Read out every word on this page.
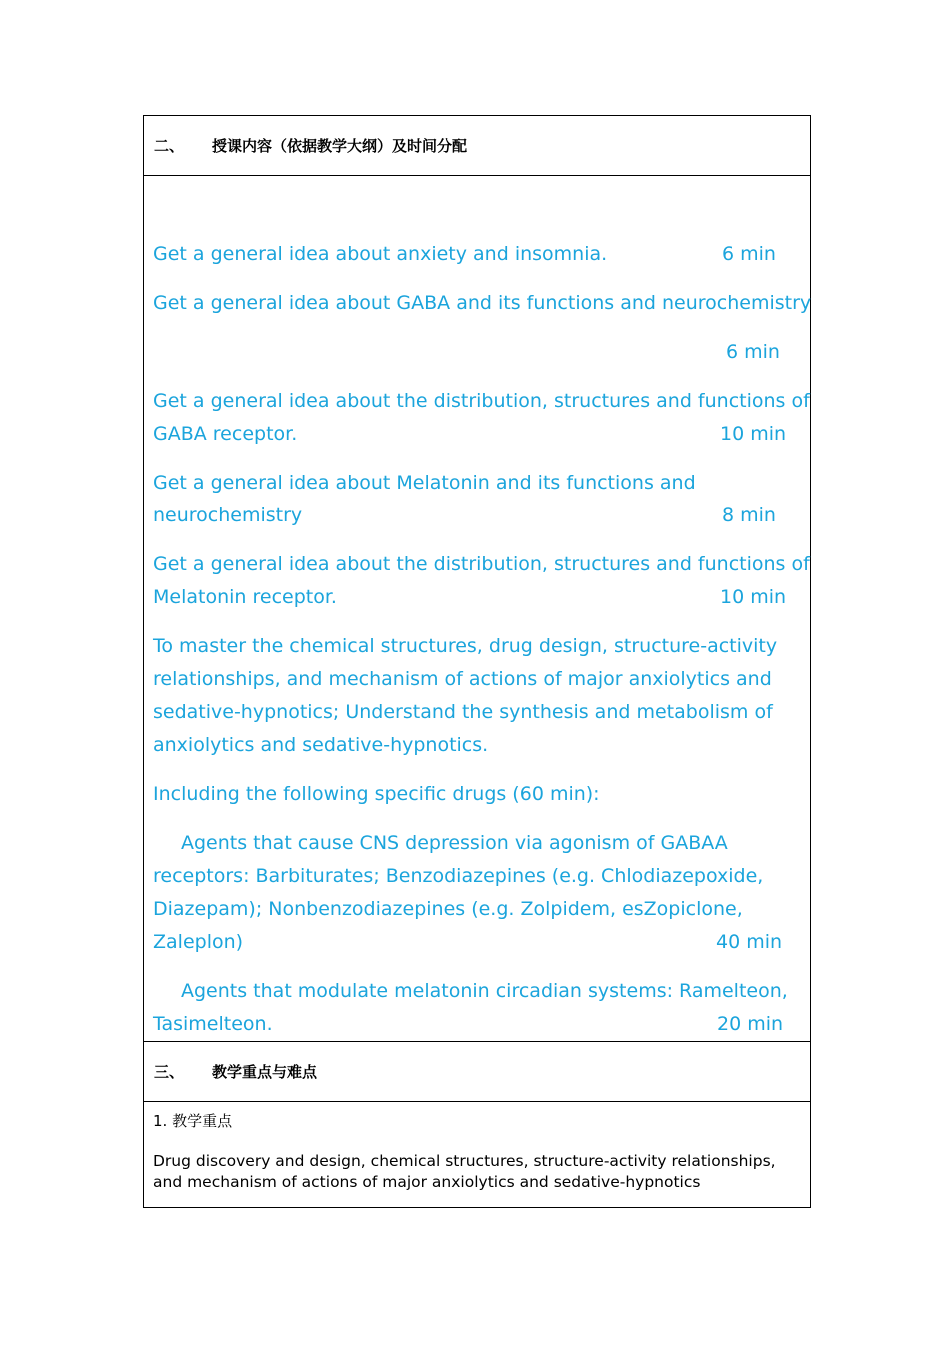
二、	授课内容（依据教学大纲）及时间分配
Get a general idea about anxiety and insomnia.	6 min
Get a general idea about GABA and its functions and neurochemistry
6 min
Get a general idea about the distribution, structures and functions of
GABA receptor.	10 min
Get a general idea about Melatonin and its functions and
neurochemistry	8 min
Get a general idea about the distribution, structures and functions of
Melatonin receptor.	10 min
To master the chemical structures, drug design, structure-activity
relationships, and mechanism of actions of major anxiolytics and
sedative-hypnotics; Understand the synthesis and metabolism of
anxiolytics and sedative-hypnotics.
Including the following specific drugs (60 min):
Agents that cause CNS depression via agonism of GABAA
receptors: Barbiturates; Benzodiazepines (e.g. Chlodiazepoxide,
Diazepam); Nonbenzodiazepines (e.g. Zolpidem, esZopiclone,
Zaleplon)	40 min
Agents that modulate melatonin circadian systems: Ramelteon,
Tasimelteon.	20 min
三、	教学重点与难点
1. 教学重点
Drug discovery and design, chemical structures, structure-activity relationships, and mechanism of actions of major anxiolytics and sedative-hypnotics
